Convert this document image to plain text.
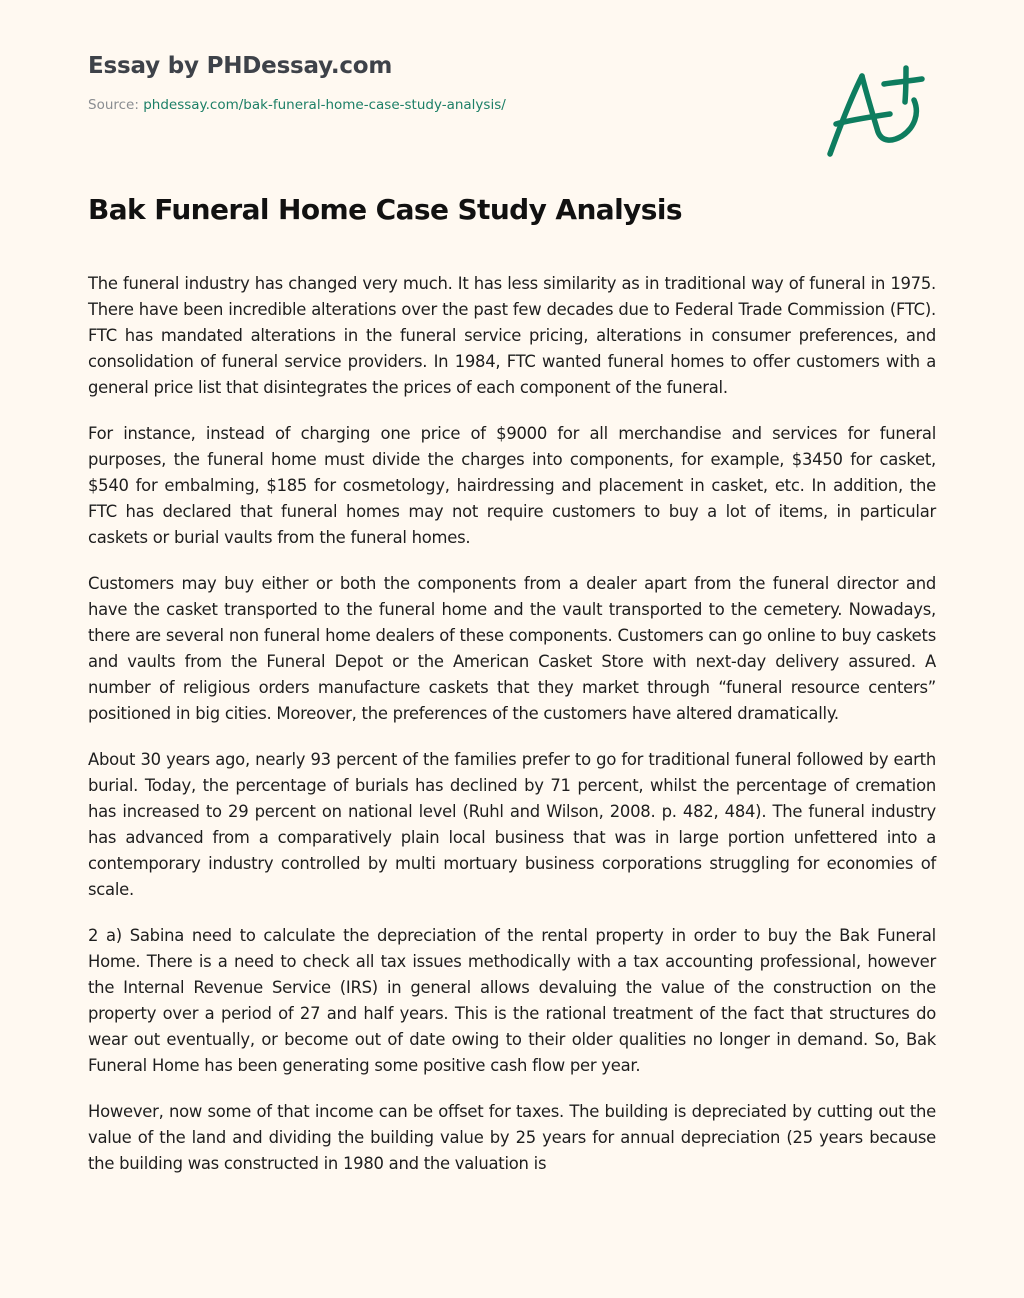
Essay by PHDessay.com
Source: phdessay.com/bak-funeral-home-case-study-analysis/
Bak Funeral Home Case Study Analysis

The funeral industry has changed very much. It has less similarity as in traditional way of funeral in 1975. There have been incredible alterations over the past few decades due to Federal Trade Commission (FTC). FTC has mandated alterations in the funeral service pricing, alterations in consumer preferences, and consolidation of funeral service providers. In 1984, FTC wanted funeral homes to offer customers with a general price list that disintegrates the prices of each component of the funeral.

For instance, instead of charging one price of $9000 for all merchandise and services for funeral purposes, the funeral home must divide the charges into components, for example, $3450 for casket, $540 for embalming, $185 for cosmetology, hairdressing and placement in casket, etc. In addition, the FTC has declared that funeral homes may not require customers to buy a lot of items, in particular caskets or burial vaults from the funeral homes.

Customers may buy either or both the components from a dealer apart from the funeral director and have the casket transported to the funeral home and the vault transported to the cemetery. Nowadays, there are several non funeral home dealers of these components. Customers can go online to buy caskets and vaults from the Funeral Depot or the American Casket Store with next-day delivery assured. A number of religious orders manufacture caskets that they market through “funeral resource centers” positioned in big cities. Moreover, the preferences of the customers have altered dramatically.

About 30 years ago, nearly 93 percent of the families prefer to go for traditional funeral followed by earth burial. Today, the percentage of burials has declined by 71 percent, whilst the percentage of cremation has increased to 29 percent on national level (Ruhl and Wilson, 2008. p. 482, 484). The funeral industry has advanced from a comparatively plain local business that was in large portion unfettered into a contemporary industry controlled by multi mortuary business corporations struggling for economies of scale.

2 a) Sabina need to calculate the depreciation of the rental property in order to buy the Bak Funeral Home. There is a need to check all tax issues methodically with a tax accounting professional, however the Internal Revenue Service (IRS) in general allows devaluing the value of the construction on the property over a period of 27 and half years. This is the rational treatment of the fact that structures do wear out eventually, or become out of date owing to their older qualities no longer in demand. So, Bak Funeral Home has been generating some positive cash flow per year.

However, now some of that income can be offset for taxes. The building is depreciated by cutting out the value of the land and dividing the building value by 25 years for annual depreciation (25 years because the building was constructed in 1980 and the valuation is
